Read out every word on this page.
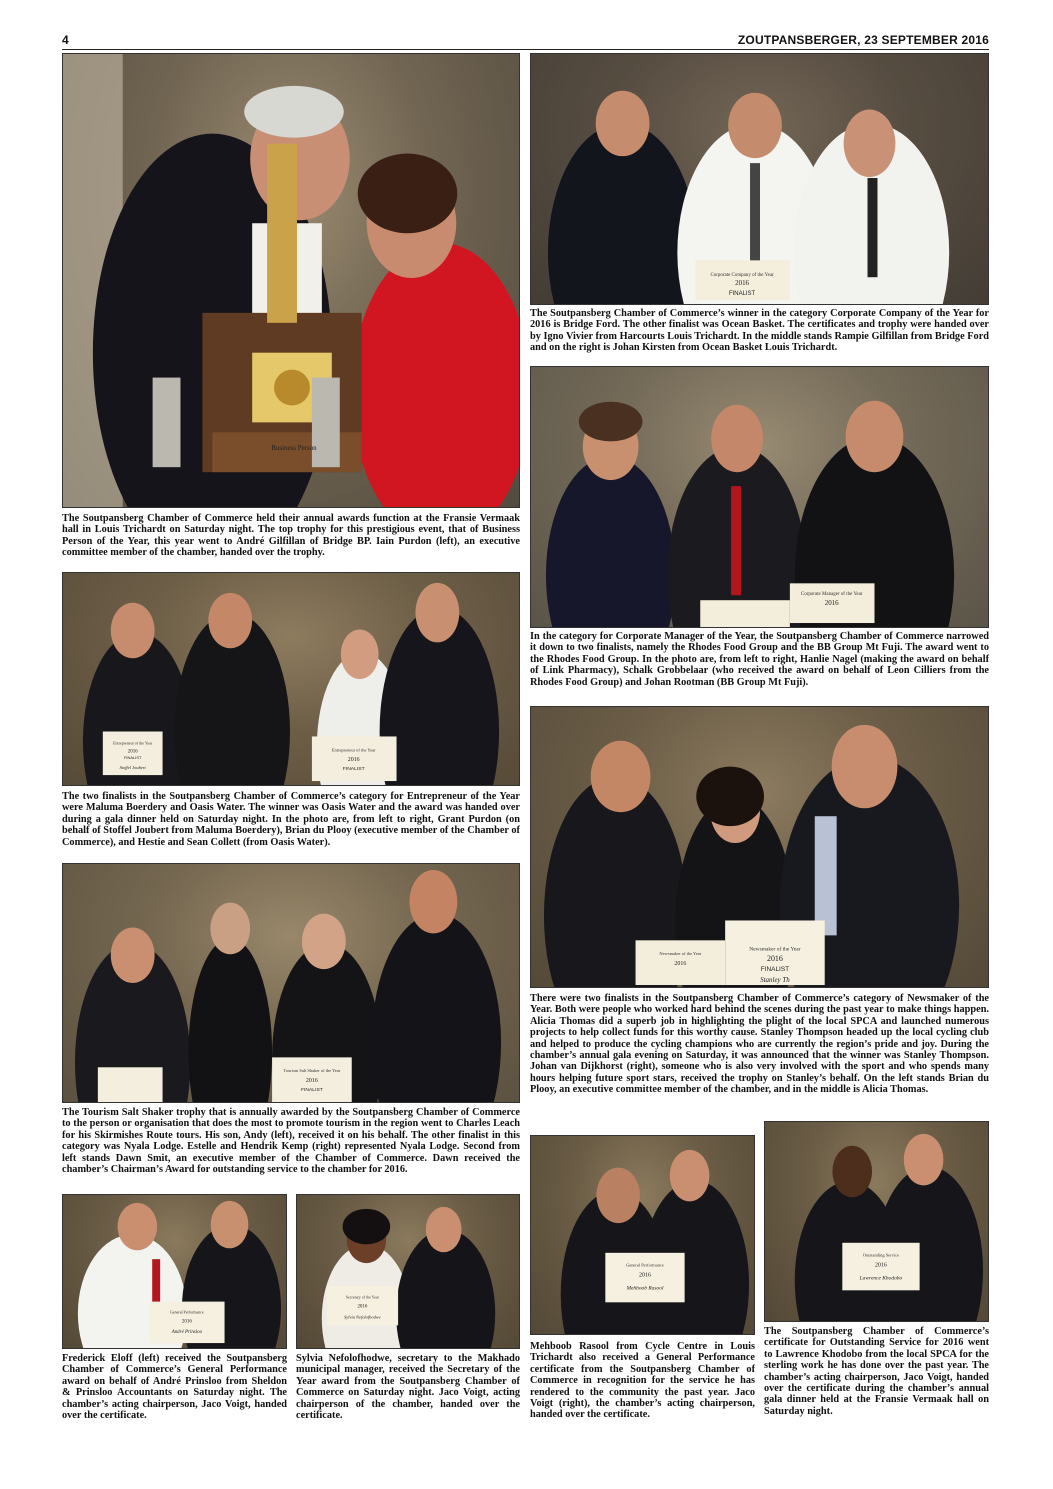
4	ZOUTPANSBERGER, 23 SEPTEMBER 2016
Business Person

The Soutpansberg Chamber of Commerce held their annual awards function at the Fransie Vermaak hall in Louis Trichardt on Saturday night. The top trophy for this prestigious event, that of Business Person of the Year, this year went to André Gilfillan of Bridge BP. Iain Purdon (left), an executive committee member of the chamber, handed over the trophy.

Corporate Company of the Year
2016
FINALIST

The Soutpansberg Chamber of Commerce’s winner in the category Corporate Company of the Year for 2016 is Bridge Ford. The other finalist was Ocean Basket. The certificates and trophy were handed over by Igno Vivier from Harcourts Louis Trichardt. In the middle stands Rampie Gilfillan from Bridge Ford and on the right is Johan Kirsten from Ocean Basket Louis Trichardt.

Corporate Manager of the Year
2016

In the category for Corporate Manager of the Year, the Soutpansberg Chamber of Commerce narrowed it down to two finalists, namely the Rhodes Food Group and the BB Group Mt Fuji. The award went to the Rhodes Food Group. In the photo are, from left to right, Hanlie Nagel (making the award on behalf of Link Pharmacy), Schalk Grobbelaar (who received the award on behalf of Leon Cilliers from the Rhodes Food Group) and Johan Rootman (BB Group Mt Fuji).

Entrepreneur of the Year
2016
FINALIST
Stoffel Joubert
Entrepreneur of the Year
2016
FINALIST

The two finalists in the Soutpansberg Chamber of Commerce’s category for Entrepreneur of the Year were Maluma Boerdery and Oasis Water. The winner was Oasis Water and the award was handed over during a gala dinner held on Saturday night. In the photo are, from left to right, Grant Purdon (on behalf of Stoffel Joubert from Maluma Boerdery), Brian du Plooy (executive member of the Chamber of Commerce), and Hestie and Sean Collett (from Oasis Water).

Newsmaker of the Year
2016
Newsmaker of the Year
2016
FINALIST
Stanley Th

There were two finalists in the Soutpansberg Chamber of Commerce’s category of Newsmaker of the Year. Both were people who worked hard behind the scenes during the past year to make things happen. Alicia Thomas did a superb job in highlighting the plight of the local SPCA and launched numerous projects to help collect funds for this worthy cause. Stanley Thompson headed up the local cycling club and helped to produce the cycling champions who are currently the region’s pride and joy. During the chamber’s annual gala evening on Saturday, it was announced that the winner was Stanley Thompson. Johan van Dijkhorst (right), someone who is also very involved with the sport and who spends many hours helping future sport stars, received the trophy on Stanley’s behalf. On the left stands Brian du Plooy, an executive committee member of the chamber, and in the middle is Alicia Thomas.

Tourism Salt Shaker of the Year
2016
FINALIST

The Tourism Salt Shaker trophy that is annually awarded by the Soutpansberg Chamber of Commerce to the person or organisation that does the most to promote tourism in the region went to Charles Leach for his Skirmishes Route tours. His son, Andy (left), received it on his behalf. The other finalist in this category was Nyala Lodge. Estelle and Hendrik Kemp (right) represented Nyala Lodge. Second from left stands Dawn Smit, an executive member of the Chamber of Commerce. Dawn received the chamber’s Chairman’s Award for outstanding service to the chamber for 2016.

General Performance
2016
André Prinsloo

Frederick Eloff (left) received the Soutpansberg Chamber of Commerce’s General Performance award on behalf of André Prinsloo from Sheldon & Prinsloo Accountants on Saturday night. The chamber’s acting chairperson, Jaco Voigt, handed over the certificate.

Secretary of the Year
2016
Sylvia Nefolofhodwe

Sylvia Nefolofhodwe, secretary to the Makhado municipal manager, received the Secretary of the Year award from the Soutpansberg Chamber of Commerce on Saturday night. Jaco Voigt, acting chairperson of the chamber, handed over the certificate.

General Performance
2016
Mehboob Rasool

Mehboob Rasool from Cycle Centre in Louis Trichardt also received a General Performance certificate from the Soutpansberg Chamber of Commerce in recognition for the service he has rendered to the community the past year. Jaco Voigt (right), the chamber’s acting chairperson, handed over the certificate.

Outstanding Service
2016
Lawrence Khodobo

The Soutpansberg Chamber of Commerce’s certificate for Outstanding Service for 2016 went to Lawrence Khodobo from the local SPCA for the sterling work he has done over the past year. The chamber’s acting chairperson, Jaco Voigt, handed over the certificate during the chamber’s annual gala dinner held at the Fransie Vermaak hall on Saturday night.
